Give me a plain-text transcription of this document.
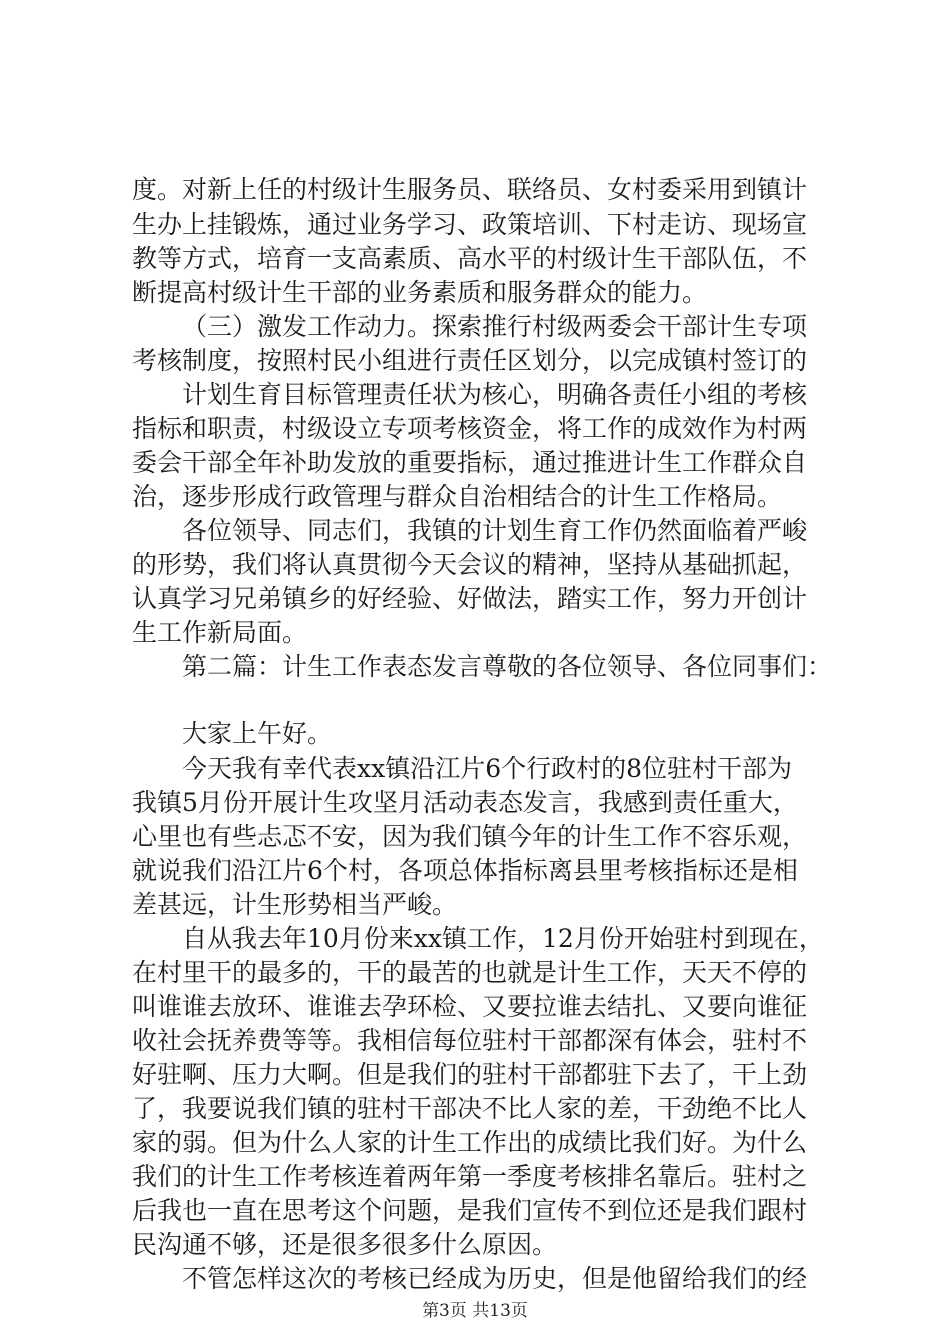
度。对新上任的村级计生服务员、联络员、女村委采用到镇计
生办上挂锻炼，通过业务学习、政策培训、下村走访、现场宣
教等方式，培育一支高素质、高水平的村级计生干部队伍，不
断提高村级计生干部的业务素质和服务群众的能力。
（三）激发工作动力。探索推行村级两委会干部计生专项
考核制度，按照村民小组进行责任区划分，以完成镇村签订的
计划生育目标管理责任状为核心，明确各责任小组的考核
指标和职责，村级设立专项考核资金，将工作的成效作为村两
委会干部全年补助发放的重要指标，通过推进计生工作群众自
治，逐步形成行政管理与群众自治相结合的计生工作格局。
各位领导、同志们，我镇的计划生育工作仍然面临着严峻
的形势，我们将认真贯彻今天会议的精神，坚持从基础抓起，
认真学习兄弟镇乡的好经验、好做法，踏实工作，努力开创计
生工作新局面。
第二篇：计生工作表态发言尊敬的各位领导、各位同事们：
大家上午好。
今天我有幸代表xx镇沿江片6个行政村的8位驻村干部为
我镇5月份开展计生攻坚月活动表态发言，我感到责任重大，
心里也有些忐忑不安，因为我们镇今年的计生工作不容乐观，
就说我们沿江片6个村，各项总体指标离县里考核指标还是相
差甚远，计生形势相当严峻。
自从我去年10月份来xx镇工作，12月份开始驻村到现在，
在村里干的最多的，干的最苦的也就是计生工作，天天不停的
叫谁谁去放环、谁谁去孕环检、又要拉谁去结扎、又要向谁征
收社会抚养费等等。我相信每位驻村干部都深有体会，驻村不
好驻啊、压力大啊。但是我们的驻村干部都驻下去了，干上劲
了，我要说我们镇的驻村干部决不比人家的差，干劲绝不比人
家的弱。但为什么人家的计生工作出的成绩比我们好。为什么
我们的计生工作考核连着两年第一季度考核排名靠后。驻村之
后我也一直在思考这个问题，是我们宣传不到位还是我们跟村
民沟通不够，还是很多很多什么原因。
不管怎样这次的考核已经成为历史，但是他留给我们的经
第3页 共13页
